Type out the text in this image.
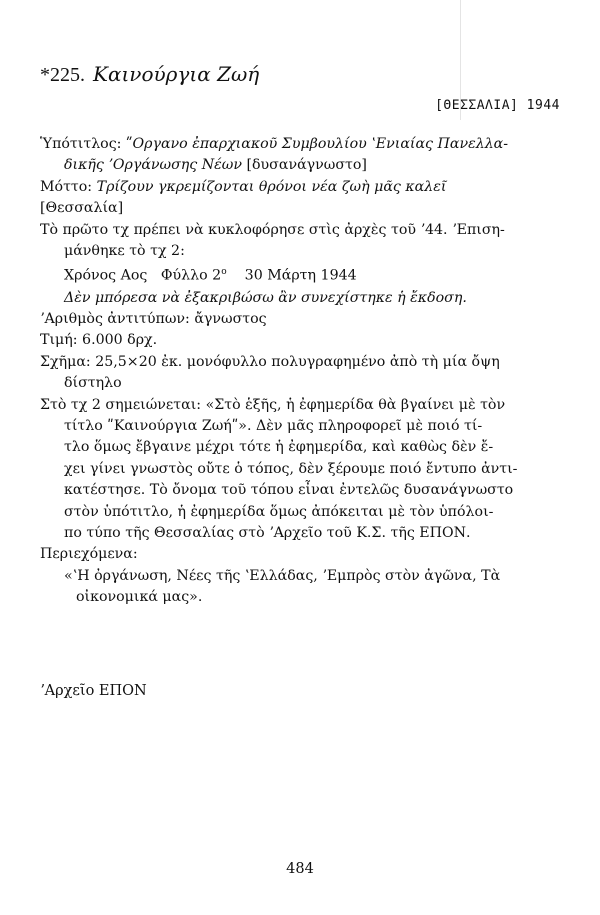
*225. Καινούργια Ζωή
[ΘΕΣΣΑΛΙΑ] 1944
Ὑπότιτλος: ʺΟργανο ἐπαρχιακοῦ Συμβουλίου ʽΕνιαίας Πανελλα-
δικῆς ʼΟργάνωσης Νέων [δυσανάγνωστο]
Μόττο: Τρίζουν γκρεμίζονται θρόνοι νέα ζωὴ μᾶς καλεῖ
[Θεσσαλία]
Τὸ πρῶτο τχ πρέπει νὰ κυκλοφόρησε στὶς ἀρχὲς τοῦ ʼ44. ʼΕπιση-
μάνθηκε τὸ τχ 2:
Χρόνος Αος Φύλλο $2^o$ 30 Μάρτη 1944
Δὲν μπόρεσα νὰ ἐξακριβώσω ἂν συνεχίστηκε ἡ ἔκδοση.
ʼΑριθμὸς ἀντιτύπων: ἄγνωστος
Τιμή: 6.000 δρχ.
Σχῆμα: 25,5×20 ἐκ. μονόφυλλο πολυγραφημένο ἀπὸ τὴ μία ὄψη
δίστηλο
Στὸ τχ 2 σημειώνεται: «Στὸ ἑξῆς, ἡ ἐφημερίδα θὰ βγαίνει μὲ τὸν
τίτλο ʺΚαινούργια Ζωήʺ». Δὲν μᾶς πληροφορεῖ μὲ ποιό τί-
τλο ὅμως ἔβγαινε μέχρι τότε ἡ ἐφημερίδα, καὶ καθὼς δὲν ἔ-
χει γίνει γνωστὸς οὔτε ὁ τόπος, δὲν ξέρουμε ποιό ἔντυπο ἀντι-
κατέστησε. Τὸ ὄνομα τοῦ τόπου εἶναι ἐντελῶς δυσανάγνωστο
στὸν ὑπότιτλο, ἡ ἐφημερίδα ὅμως ἀπόκειται μὲ τὸν ὑπόλοι-
πο τύπο τῆς Θεσσαλίας στὸ ʼΑρχεῖο τοῦ Κ.Σ. τῆς ΕΠΟΝ.
Περιεχόμενα:
«ʽΗ ὀργάνωση, Νέες τῆς ʽΕλλάδας, ʼΕμπρὸς στὸν ἀγῶνα, Τὰ
οἰκονομικά μας».
ʼΑρχεῖο ΕΠΟΝ
484
